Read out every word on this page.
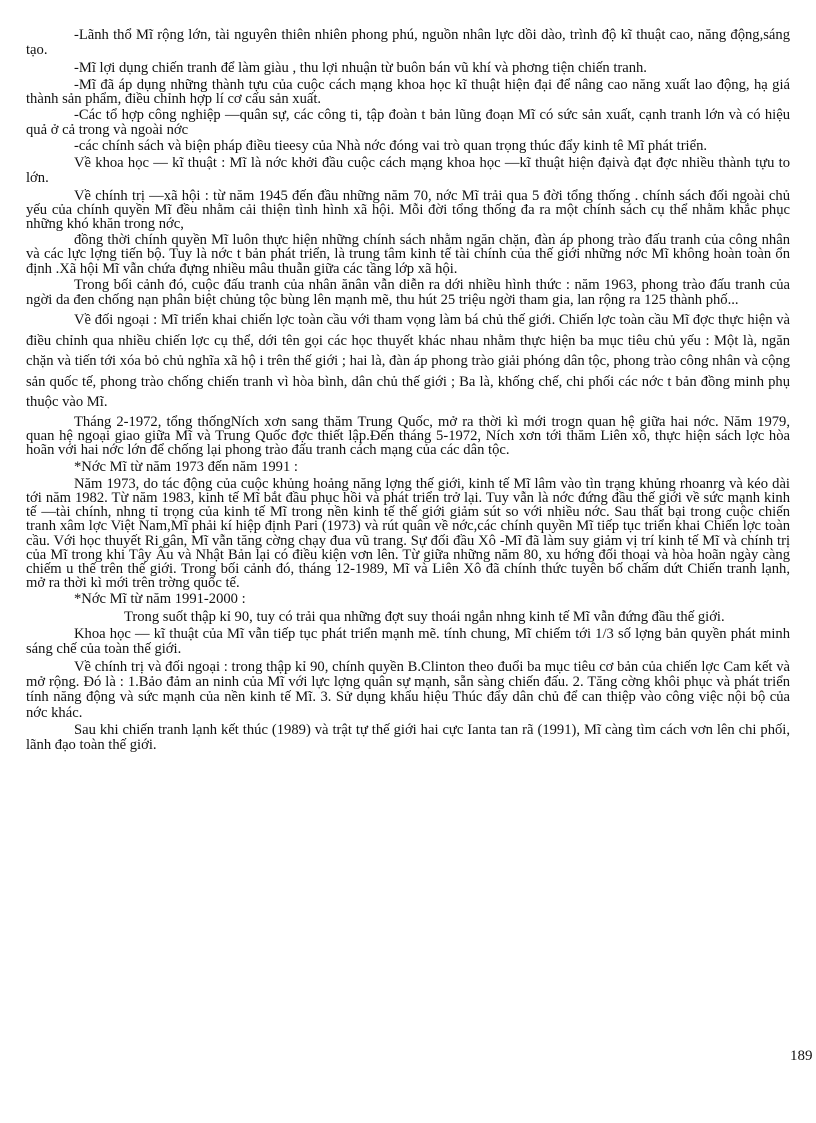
-Lãnh thổ Mĩ rộng lớn, tài nguyên thiên nhiên phong phú, nguồn nhân lực dồi dào, trình độ kĩ thuật cao, năng động,sáng tạo.

-Mĩ lợi dụng chiến tranh để làm giàu , thu lợi nhuận từ buôn bán vũ khí và phơng tiện chiến tranh.

-Mĩ đã áp dụng những thành tựu của cuộc cách mạng khoa học kĩ thuật hiện đại để nâng cao năng xuất lao động, hạ giá thành sản phẩm, điều chỉnh hợp lí cơ cấu sản xuất.

-Các tổ hợp công nghiệp —quân sự, các công ti, tập đoàn t bản lũng đoạn Mĩ có sức sản xuất, cạnh tranh lớn và có hiệu quả ở cả trong và ngoài nớc

-các chính sách và biện pháp điều tieesy của Nhà nớc đóng vai trò quan trọng thúc đẩy kinh tê Mĩ phát triển.

Về khoa học — kĩ thuật : Mĩ là nớc khởi đầu cuộc cách mạng khoa học —kĩ thuật hiện đạivà đạt đợc nhiều thành tựu to lớn.

Về chính trị —xã hội : từ năm 1945 đến đầu những năm 70, nớc Mĩ trải qua 5 đời tổng thống . chính sách đối ngoài chủ yếu của chính quyền Mĩ đều nhằm cải thiện tình hình xã hội. Mỗi đời tổng thống đa ra một chính sách cụ thể nhằm khắc phục những khó khăn trong nớc,

đồng thời chính quyền Mĩ luôn thực hiện những chính sách nhằm ngăn chặn, đàn áp phong trào đấu tranh của công nhân và các lực lợng tiến bộ. Tuy là nớc t bản phát triển, là trung tâm kinh tế tài chính của thế giới những nớc Mĩ không hoàn toàn ổn định .Xã hội Mĩ vẫn chứa đựng nhiều mâu thuẫn giữa các tầng lớp xã hội.

Trong bối cảnh đó, cuộc đấu tranh của nhân ănân vẫn diễn ra dới nhiều hình thức : năm 1963, phong trào đấu tranh của ngời da đen chống nạn phân biệt chủng tộc bùng lên mạnh mẽ, thu hút 25 triệu ngời tham gia, lan rộng ra 125 thành phố...

Về đối ngoại : Mĩ triển khai chiến lợc toàn cầu với tham vọng làm bá chủ thế giới. Chiến lợc toàn cầu Mĩ đợc thực hiện và điều chỉnh qua nhiều chiến lợc cụ thể, dới tên gọi các học thuyết khác nhau nhằm thực hiện ba mục tiêu chủ yếu : Một là, ngăn chặn và tiến tới xóa bỏ chủ nghĩa xã hộ i trên thế giới ; hai là, đàn áp phong trào giải phóng dân tộc, phong trào công nhân và cộng sản quốc tế, phong trào chống chiến tranh vì hòa bình, dân chủ thế giới ; Ba là, khống chế, chi phối các nớc t bản đồng minh phụ thuộc vào Mĩ.

Tháng 2-1972, tổng thốngNích xơn sang thăm Trung Quốc, mở ra thời kì mới trogn quan hệ giữa hai nớc. Năm 1979, quan hệ ngoại giao giữa Mĩ và Trung Quốc đợc thiết lập.Đến tháng 5-1972, Ních xơn tới thăm Liên xô, thực hiện sách lợc hòa hoãn với hai nớc lớn để chống lại phong trào đấu tranh cách mạng của các dân tộc.

*Nớc Mĩ từ năm 1973 đến năm 1991 :

Năm 1973, do tác động của cuộc khủng hoảng năng lợng thế giới, kinh tế Mĩ lâm vào tìn trạng khủng rhoanrg và kéo dài tới năm 1982. Từ năm 1983, kinh tế Mĩ bắt đầu phục hồi và phát triển trở lại. Tuy vẫn là nớc đứng đầu thế giới về sức mạnh kinh tế —tài chính, nhng tỉ trọng của kinh tế Mĩ trong nền kinh tế thế giới giảm sút so với nhiều nớc. Sau thất bại trong cuộc chiến tranh xâm lợc Việt Nam,Mĩ phải kí hiệp định Pari (1973) và rút quân về nớc,các chính quyền Mĩ tiếp tục triển khai Chiến lợc toàn cầu. Với học thuyết Ri gân, Mĩ vẫn tăng cờng chạy đua vũ trang. Sự đối đầu Xô -Mĩ đã làm suy giảm vị trí kinh tế Mĩ và chính trị của Mĩ trong khi Tây Âu và Nhật Bản lại có điều kiện vơn lên. Từ giữa những năm 80, xu hớng đối thoại và hòa hoãn ngày càng chiếm u thế trên thế giới. Trong bối cảnh đó, tháng 12-1989, Mĩ và Liên Xô đã chính thức tuyên bố chấm dứt Chiến tranh lạnh, mở ra thời kì mới trên trờng quốc tế.

*Nớc Mĩ từ năm 1991-2000 :

Trong suốt thập kỉ 90, tuy có trải qua những đợt suy thoái ngắn nhng kinh tế Mĩ vẫn đứng đầu thế giới.

Khoa học — kĩ thuật của Mĩ vẫn tiếp tục phát triển mạnh mẽ. tính chung, Mĩ chiếm tới 1/3 số lợng bản quyền phát minh sáng chế của toàn thế giới.

Về chính trị và đối ngoại : trong thập kỉ 90, chính quyền B.Clinton theo đuổi ba mục tiêu cơ bản của chiến lợc Cam kết và mở rộng. Đó là : 1.Bảo đảm an ninh của Mĩ với lực lợng quân sự mạnh, sẵn sàng chiến đấu. 2. Tăng cờng khôi phục và phát triển tính năng động và sức mạnh của nền kinh tế Mĩ. 3. Sử dụng khẩu hiệu Thúc đẩy dân chủ để can thiệp vào công việc nội bộ của nớc khác.

Sau khi chiến tranh lạnh kết thúc (1989) và trật tự thế giới hai cực Ianta tan rã (1991), Mĩ càng tìm cách vơn lên chi phối, lãnh đạo toàn thế giới.

189
